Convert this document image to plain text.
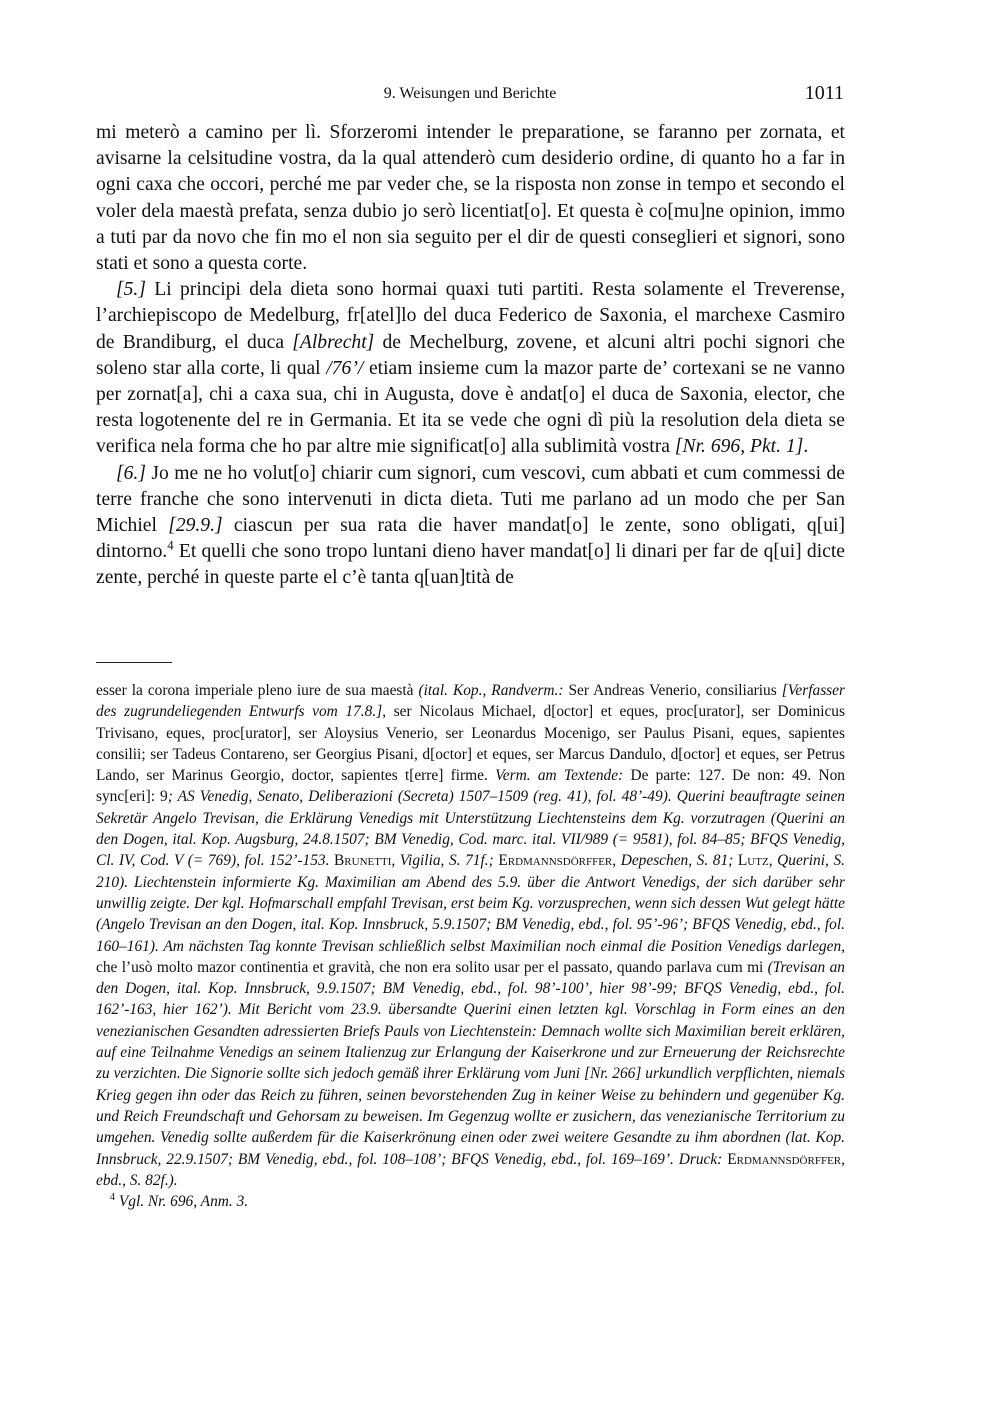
9. Weisungen und Berichte	1011

mi meterò a camino per lì. Sforzeromi intender le preparatione, se faranno per zornata, et avisarne la celsitudine vostra, da la qual attenderò cum desiderio ordine, di quanto ho a far in ogni caxa che occori, perché me par veder che, se la risposta non zonse in tempo et secondo el voler dela maestà prefata, senza dubio jo serò licentiat[o]. Et questa è co[mu]ne opinion, immo a tuti par da novo che fin mo el non sia seguito per el dir de questi conseglieri et signori, sono stati et sono a questa corte.

[5.] Li principi dela dieta sono hormai quaxi tuti partiti. Resta solamente el Treverense, l’archiepiscopo de Medelburg, fr[atel]lo del duca Federico de Saxonia, el marchexe Casmiro de Brandiburg, el duca [Albrecht] de Mechelburg, zovene, et alcuni altri pochi signori che soleno star alla corte, li qual /76’/ etiam insieme cum la mazor parte de’ cortexani se ne vanno per zornat[a], chi a caxa sua, chi in Augusta, dove è andat[o] el duca de Saxonia, elector, che resta logotenente del re in Germania. Et ita se vede che ogni dì più la resolution dela dieta se verifica nela forma che ho par altre mie significat[o] alla sublimità vostra [Nr. 696, Pkt. 1].

[6.] Jo me ne ho volut[o] chiarir cum signori, cum vescovi, cum abbati et cum commessi de terre franche che sono intervenuti in dicta dieta. Tuti me parlano ad un modo che per San Michiel [29.9.] ciascun per sua rata die haver mandat[o] le zente, sono obligati, q[ui] dintorno.$^4$ Et quelli che sono tropo luntani dieno haver mandat[o] li dinari per far de q[ui] dicte zente, perché in queste parte el c’è tanta q[uan]tità de

esser la corona imperiale pleno iure de sua maestà (ital. Kop., Randverm.: Ser Andreas Venerio, consiliarius [Verfasser des zugrundeliegenden Entwurfs vom 17.8.], ser Nicolaus Michael, d[octor] et eques, proc[urator], ser Dominicus Trivisano, eques, proc[urator], ser Aloysius Venerio, ser Leonardus Mocenigo, ser Paulus Pisani, eques, sapientes consilii; ser Tadeus Contareno, ser Georgius Pisani, d[octor] et eques, ser Marcus Dandulo, d[octor] et eques, ser Petrus Lando, ser Marinus Georgio, doctor, sapientes t[erre] firme. Verm. am Textende: De parte: 127. De non: 49. Non sync[eri]: 9; AS Venedig, Senato, Deliberazioni (Secreta) 1507–1509 (reg. 41), fol. 48’-49). Querini beauftragte seinen Sekretär Angelo Trevisan, die Erklärung Venedigs mit Unterstützung Liechtensteins dem Kg. vorzutragen (Querini an den Dogen, ital. Kop. Augsburg, 24.8.1507; BM Venedig, Cod. marc. ital. VII/989 (= 9581), fol. 84–85; BFQS Venedig, Cl. IV, Cod. V (= 769), fol. 152’-153. Brunetti, Vigilia, S. 71f.; Erdmannsdörffer, Depeschen, S. 81; Lutz, Querini, S. 210). Liechtenstein informierte Kg. Maximilian am Abend des 5.9. über die Antwort Venedigs, der sich darüber sehr unwillig zeigte. Der kgl. Hofmarschall empfahl Trevisan, erst beim Kg. vorzusprechen, wenn sich dessen Wut gelegt hätte (Angelo Trevisan an den Dogen, ital. Kop. Innsbruck, 5.9.1507; BM Venedig, ebd., fol. 95’-96’; BFQS Venedig, ebd., fol. 160–161). Am nächsten Tag konnte Trevisan schließlich selbst Maximilian noch einmal die Position Venedigs darlegen, che l’usò molto mazor continentia et gravità, che non era solito usar per el passato, quando parlava cum mi (Trevisan an den Dogen, ital. Kop. Innsbruck, 9.9.1507; BM Venedig, ebd., fol. 98’-100’, hier 98’-99; BFQS Venedig, ebd., fol. 162’-163, hier 162’). Mit Bericht vom 23.9. übersandte Querini einen letzten kgl. Vorschlag in Form eines an den venezianischen Gesandten adressierten Briefs Pauls von Liechtenstein: Demnach wollte sich Maximilian bereit erklären, auf eine Teilnahme Venedigs an seinem Italienzug zur Erlangung der Kaiserkrone und zur Erneuerung der Reichsrechte zu verzichten. Die Signorie sollte sich jedoch gemäß ihrer Erklärung vom Juni [Nr. 266] urkundlich verpflichten, niemals Krieg gegen ihn oder das Reich zu führen, seinen bevorstehenden Zug in keiner Weise zu behindern und gegenüber Kg. und Reich Freundschaft und Gehorsam zu beweisen. Im Gegenzug wollte er zusichern, das venezianische Territorium zu umgehen. Venedig sollte außerdem für die Kaiserkrönung einen oder zwei weitere Gesandte zu ihm abordnen (lat. Kop. Innsbruck, 22.9.1507; BM Venedig, ebd., fol. 108–108’; BFQS Venedig, ebd., fol. 169–169’. Druck: Erdmannsdörffer, ebd., S. 82f.).

$^4$ Vgl. Nr. 696, Anm. 3.
